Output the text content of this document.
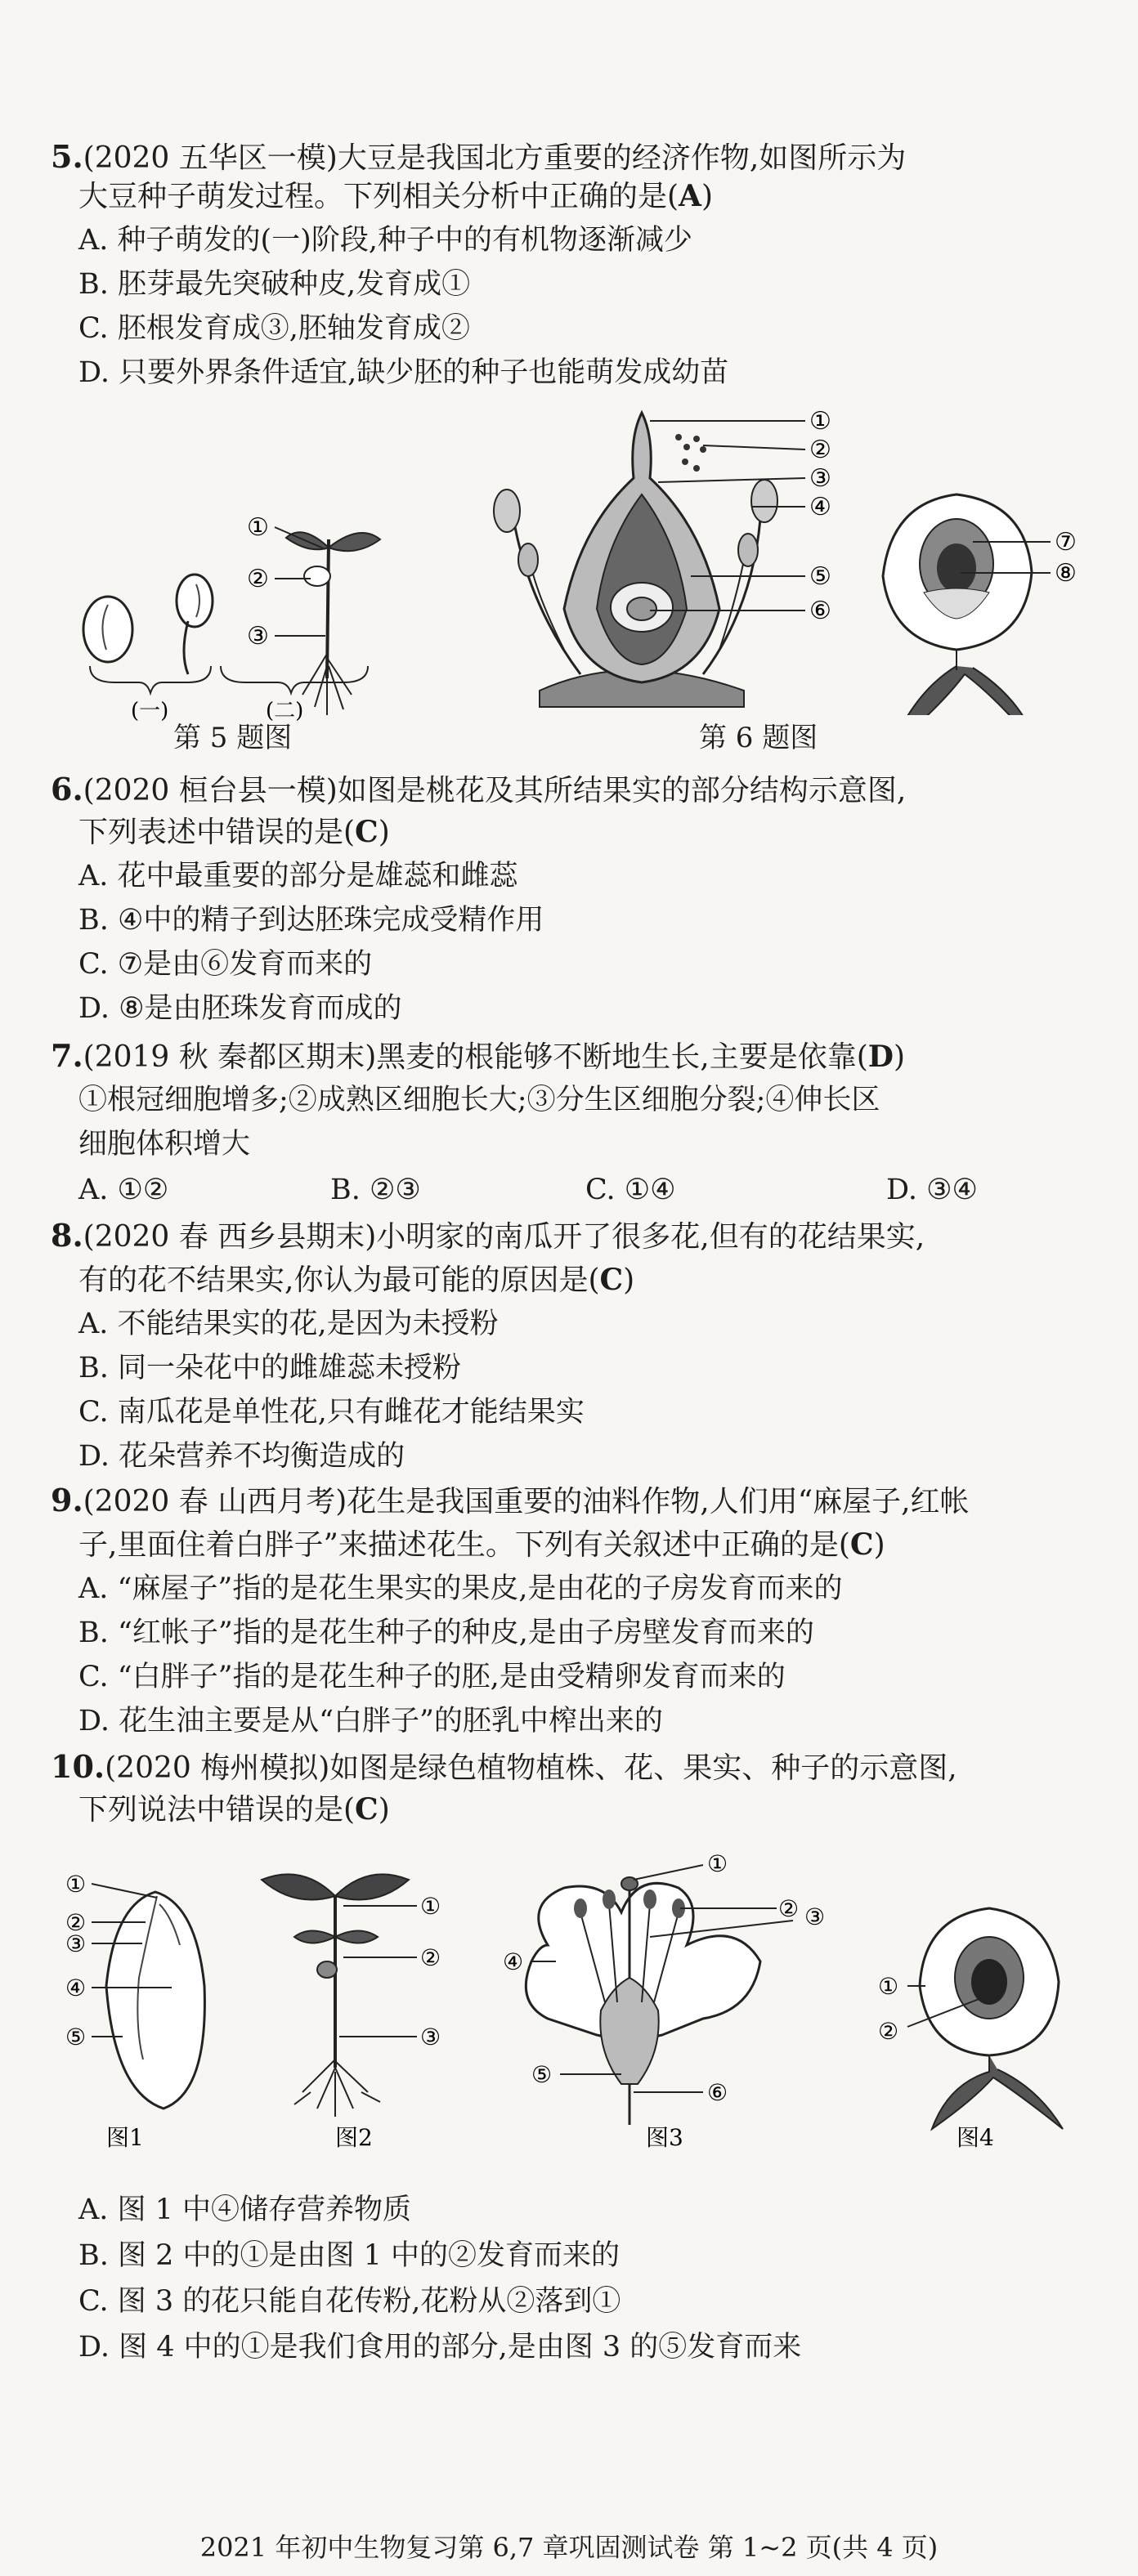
5.(2020 五华区一模)大豆是我国北方重要的经济作物,如图所示为
大豆种子萌发过程。下列相关分析中正确的是(A)
A. 种子萌发的(一)阶段,种子中的有机物逐渐减少
B. 胚芽最先突破种皮,发育成①
C. 胚根发育成③,胚轴发育成②
D. 只要外界条件适宜,缺少胚的种子也能萌发成幼苗
①
②
③
(一)	(二)
第 5 题图
①
②
③
④
⑤
⑥
⑦
⑧
第 6 题图
6.(2020 桓台县一模)如图是桃花及其所结果实的部分结构示意图,
下列表述中错误的是(C)
A. 花中最重要的部分是雄蕊和雌蕊
B. ④中的精子到达胚珠完成受精作用
C. ⑦是由⑥发育而来的
D. ⑧是由胚珠发育而成的
7.(2019 秋 秦都区期末)黑麦的根能够不断地生长,主要是依靠(D)
①根冠细胞增多;②成熟区细胞长大;③分生区细胞分裂;④伸长区
细胞体积增大
A. ①②	B. ②③	C. ①④	D. ③④
8.(2020 春 西乡县期末)小明家的南瓜开了很多花,但有的花结果实,
有的花不结果实,你认为最可能的原因是(C)
A. 不能结果实的花,是因为未授粉
B. 同一朵花中的雌雄蕊未授粉
C. 南瓜花是单性花,只有雌花才能结果实
D. 花朵营养不均衡造成的
9.(2020 春 山西月考)花生是我国重要的油料作物,人们用“麻屋子,红帐
子,里面住着白胖子”来描述花生。下列有关叙述中正确的是(C)
A. “麻屋子”指的是花生果实的果皮,是由花的子房发育而来的
B. “红帐子”指的是花生种子的种皮,是由子房壁发育而来的
C. “白胖子”指的是花生种子的胚,是由受精卵发育而来的
D. 花生油主要是从“白胖子”的胚乳中榨出来的
10.(2020 梅州模拟)如图是绿色植物植株、花、果实、种子的示意图,
下列说法中错误的是(C)
①
②
③
④
⑤
图1
①
②
③
图2
①
② ③
④
⑤
⑥
图3
①
②
图4
A. 图 1 中④储存营养物质
B. 图 2 中的①是由图 1 中的②发育而来的
C. 图 3 的花只能自花传粉,花粉从②落到①
D. 图 4 中的①是我们食用的部分,是由图 3 的⑤发育而来
2021 年初中生物复习第 6,7 章巩固测试卷 第 1~2 页(共 4 页)
